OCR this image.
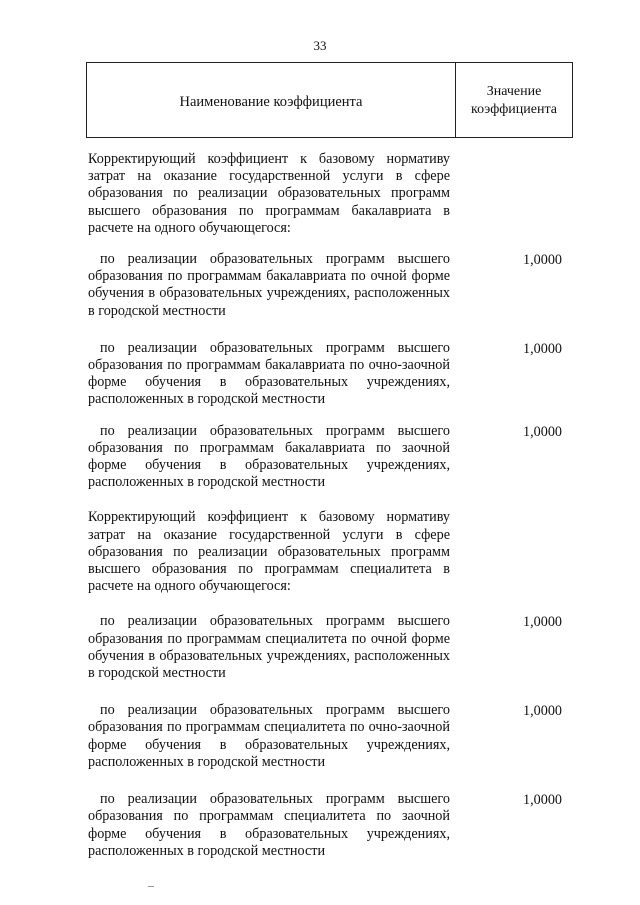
33
Наименование коэффициента
Значение
коэффициента
Корректирующий коэффициент к базовому нормативу затрат на оказание государственной услуги в сфере образования по реализации образовательных программ высшего образования по программам бакалавриата в расчете на одного обучающегося:
по реализации образовательных программ высшего образования по программам бакалавриата по очной форме обучения в образовательных учреждениях, расположенных в городской местности
1,0000
по реализации образовательных программ высшего образования по программам бакалавриата по очно-заочной форме обучения в образовательных учреждениях, расположенных в городской местности
1,0000
по реализации образовательных программ высшего образования по программам бакалавриата по заочной форме обучения в образовательных учреждениях, расположенных в городской местности
1,0000
Корректирующий коэффициент к базовому нормативу затрат на оказание государственной услуги в сфере образования по реализации образовательных программ высшего образования по программам специалитета в расчете на одного обучающегося:
по реализации образовательных программ высшего образования по программам специалитета по очной форме обучения в образовательных учреждениях, расположенных в городской местности
1,0000
по реализации образовательных программ высшего образования по программам специалитета по очно-заочной форме обучения в образовательных учреждениях, расположенных в городской местности
1,0000
по реализации образовательных программ высшего образования по программам специалитета по заочной форме обучения в образовательных учреждениях, расположенных в городской местности
1,0000
